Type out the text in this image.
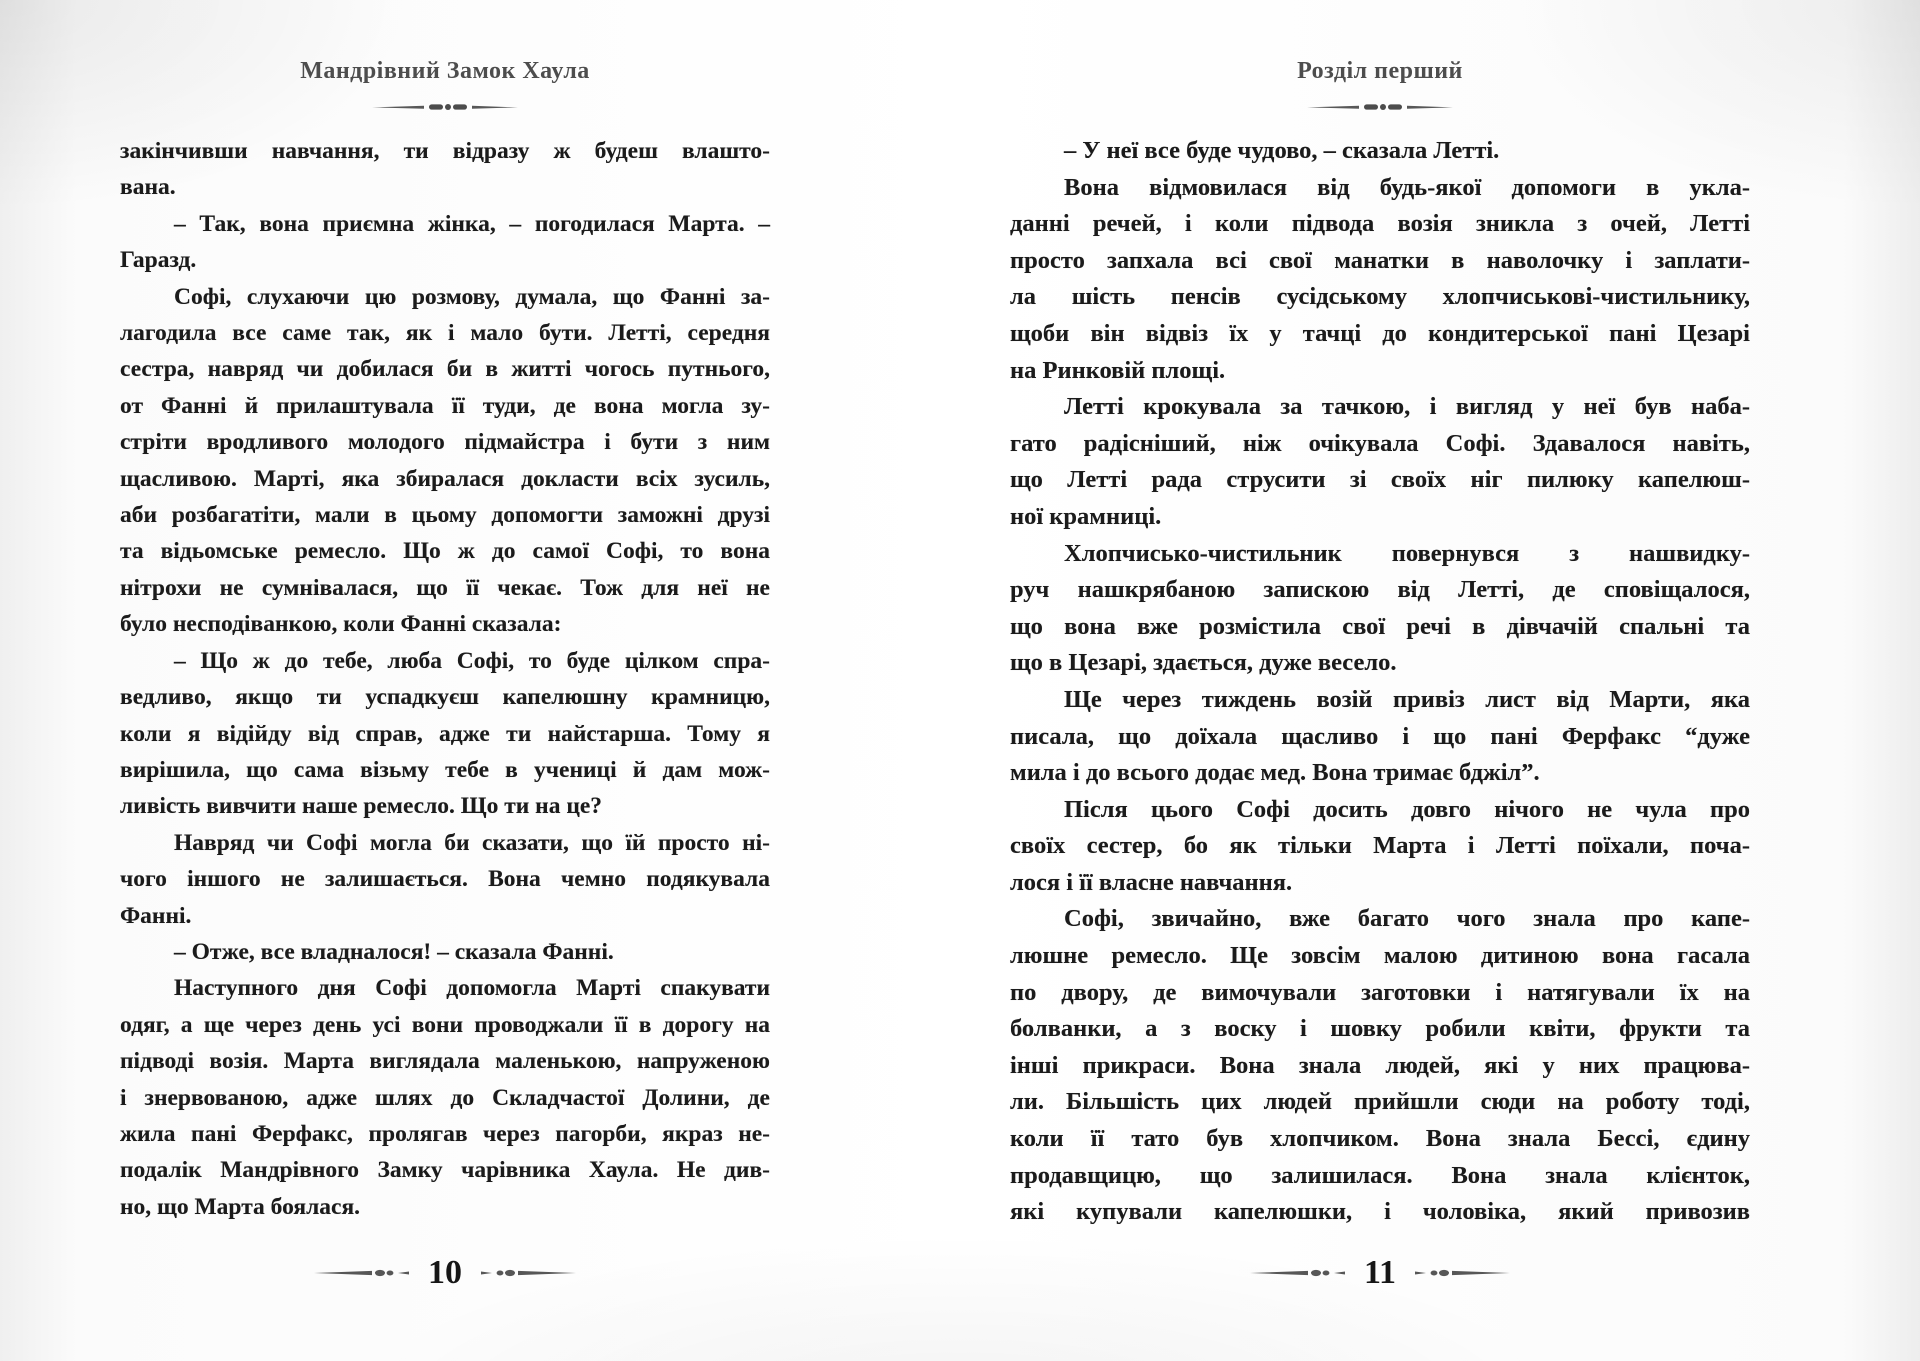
Мандрівний Замок Хаула
закінчивши навчання, ти відразу ж будеш влашто-
вана.
– Так, вона приємна жінка, – погодилася Марта. –
Гаразд.
Софі, слухаючи цю розмову, думала, що Фанні за-
лагодила все саме так, як і мало бути. Летті, середня
сестра, навряд чи добилася би в житті чогось путнього,
от Фанні й прилаштувала її туди, де вона могла зу-
стріти вродливого молодого підмайстра і бути з ним
щасливою. Марті, яка збиралася докласти всіх зусиль,
аби розбагатіти, мали в цьому допомогти заможні друзі
та відьомське ремесло. Що ж до самої Софі, то вона
нітрохи не сумнівалася, що її чекає. Тож для неї не
було несподіванкою, коли Фанні сказала:
– Що ж до тебе, люба Софі, то буде цілком спра-
ведливо, якщо ти успадкуєш капелюшну крамницю,
коли я відійду від справ, адже ти найстарша. Тому я
вирішила, що сама візьму тебе в учениці й дам мож-
ливість вивчити наше ремесло. Що ти на це?
Навряд чи Софі могла би сказати, що їй просто ні-
чого іншого не залишається. Вона чемно подякувала
Фанні.
– Отже, все владналося! – сказала Фанні.
Наступного дня Софі допомогла Марті спакувати
одяг, а ще через день усі вони проводжали її в дорогу на
підводі возія. Марта виглядала маленькою, напруженою
і знервованою, адже шлях до Складчастої Долини, де
жила пані Ферфакс, пролягав через пагорби, якраз не-
подалік Мандрівного Замку чарівника Хаула. Не див-
но, що Марта боялася.
10
Розділ перший
– У неї все буде чудово, – сказала Летті.
Вона відмовилася від будь-якої допомоги в укла-
данні речей, і коли підвода возія зникла з очей, Летті
просто запхала всі свої манатки в наволочку і заплати-
ла шість пенсів сусідському хлопчиськові-чистильнику,
щоби він відвіз їх у тачці до кондитерської пані Цезарі
на Ринковій площі.
Летті крокувала за тачкою, і вигляд у неї був наба-
гато радісніший, ніж очікувала Софі. Здавалося навіть,
що Летті рада струсити зі своїх ніг пилюку капелюш-
ної крамниці.
Хлопчисько-чистильник повернувся з нашвидку-
руч нашкрябаною запискою від Летті, де сповіщалося,
що вона вже розмістила свої речі в дівчачій спальні та
що в Цезарі, здається, дуже весело.
Ще через тиждень возій привіз лист від Марти, яка
писала, що доїхала щасливо і що пані Ферфакс “дуже
мила і до всього додає мед. Вона тримає бджіл”.
Після цього Софі досить довго нічого не чула про
своїх сестер, бо як тільки Марта і Летті поїхали, поча-
лося і її власне навчання.
Софі, звичайно, вже багато чого знала про капе-
люшне ремесло. Ще зовсім малою дитиною вона гасала
по двору, де вимочували заготовки і натягували їх на
болванки, а з воску і шовку робили квіти, фрукти та
інші прикраси. Вона знала людей, які у них працюва-
ли. Більшість цих людей прийшли сюди на роботу тоді,
коли її тато був хлопчиком. Вона знала Бессі, єдину
продавщицю, що залишилася. Вона знала клієнток,
які купували капелюшки, і чоловіка, який привозив
11
